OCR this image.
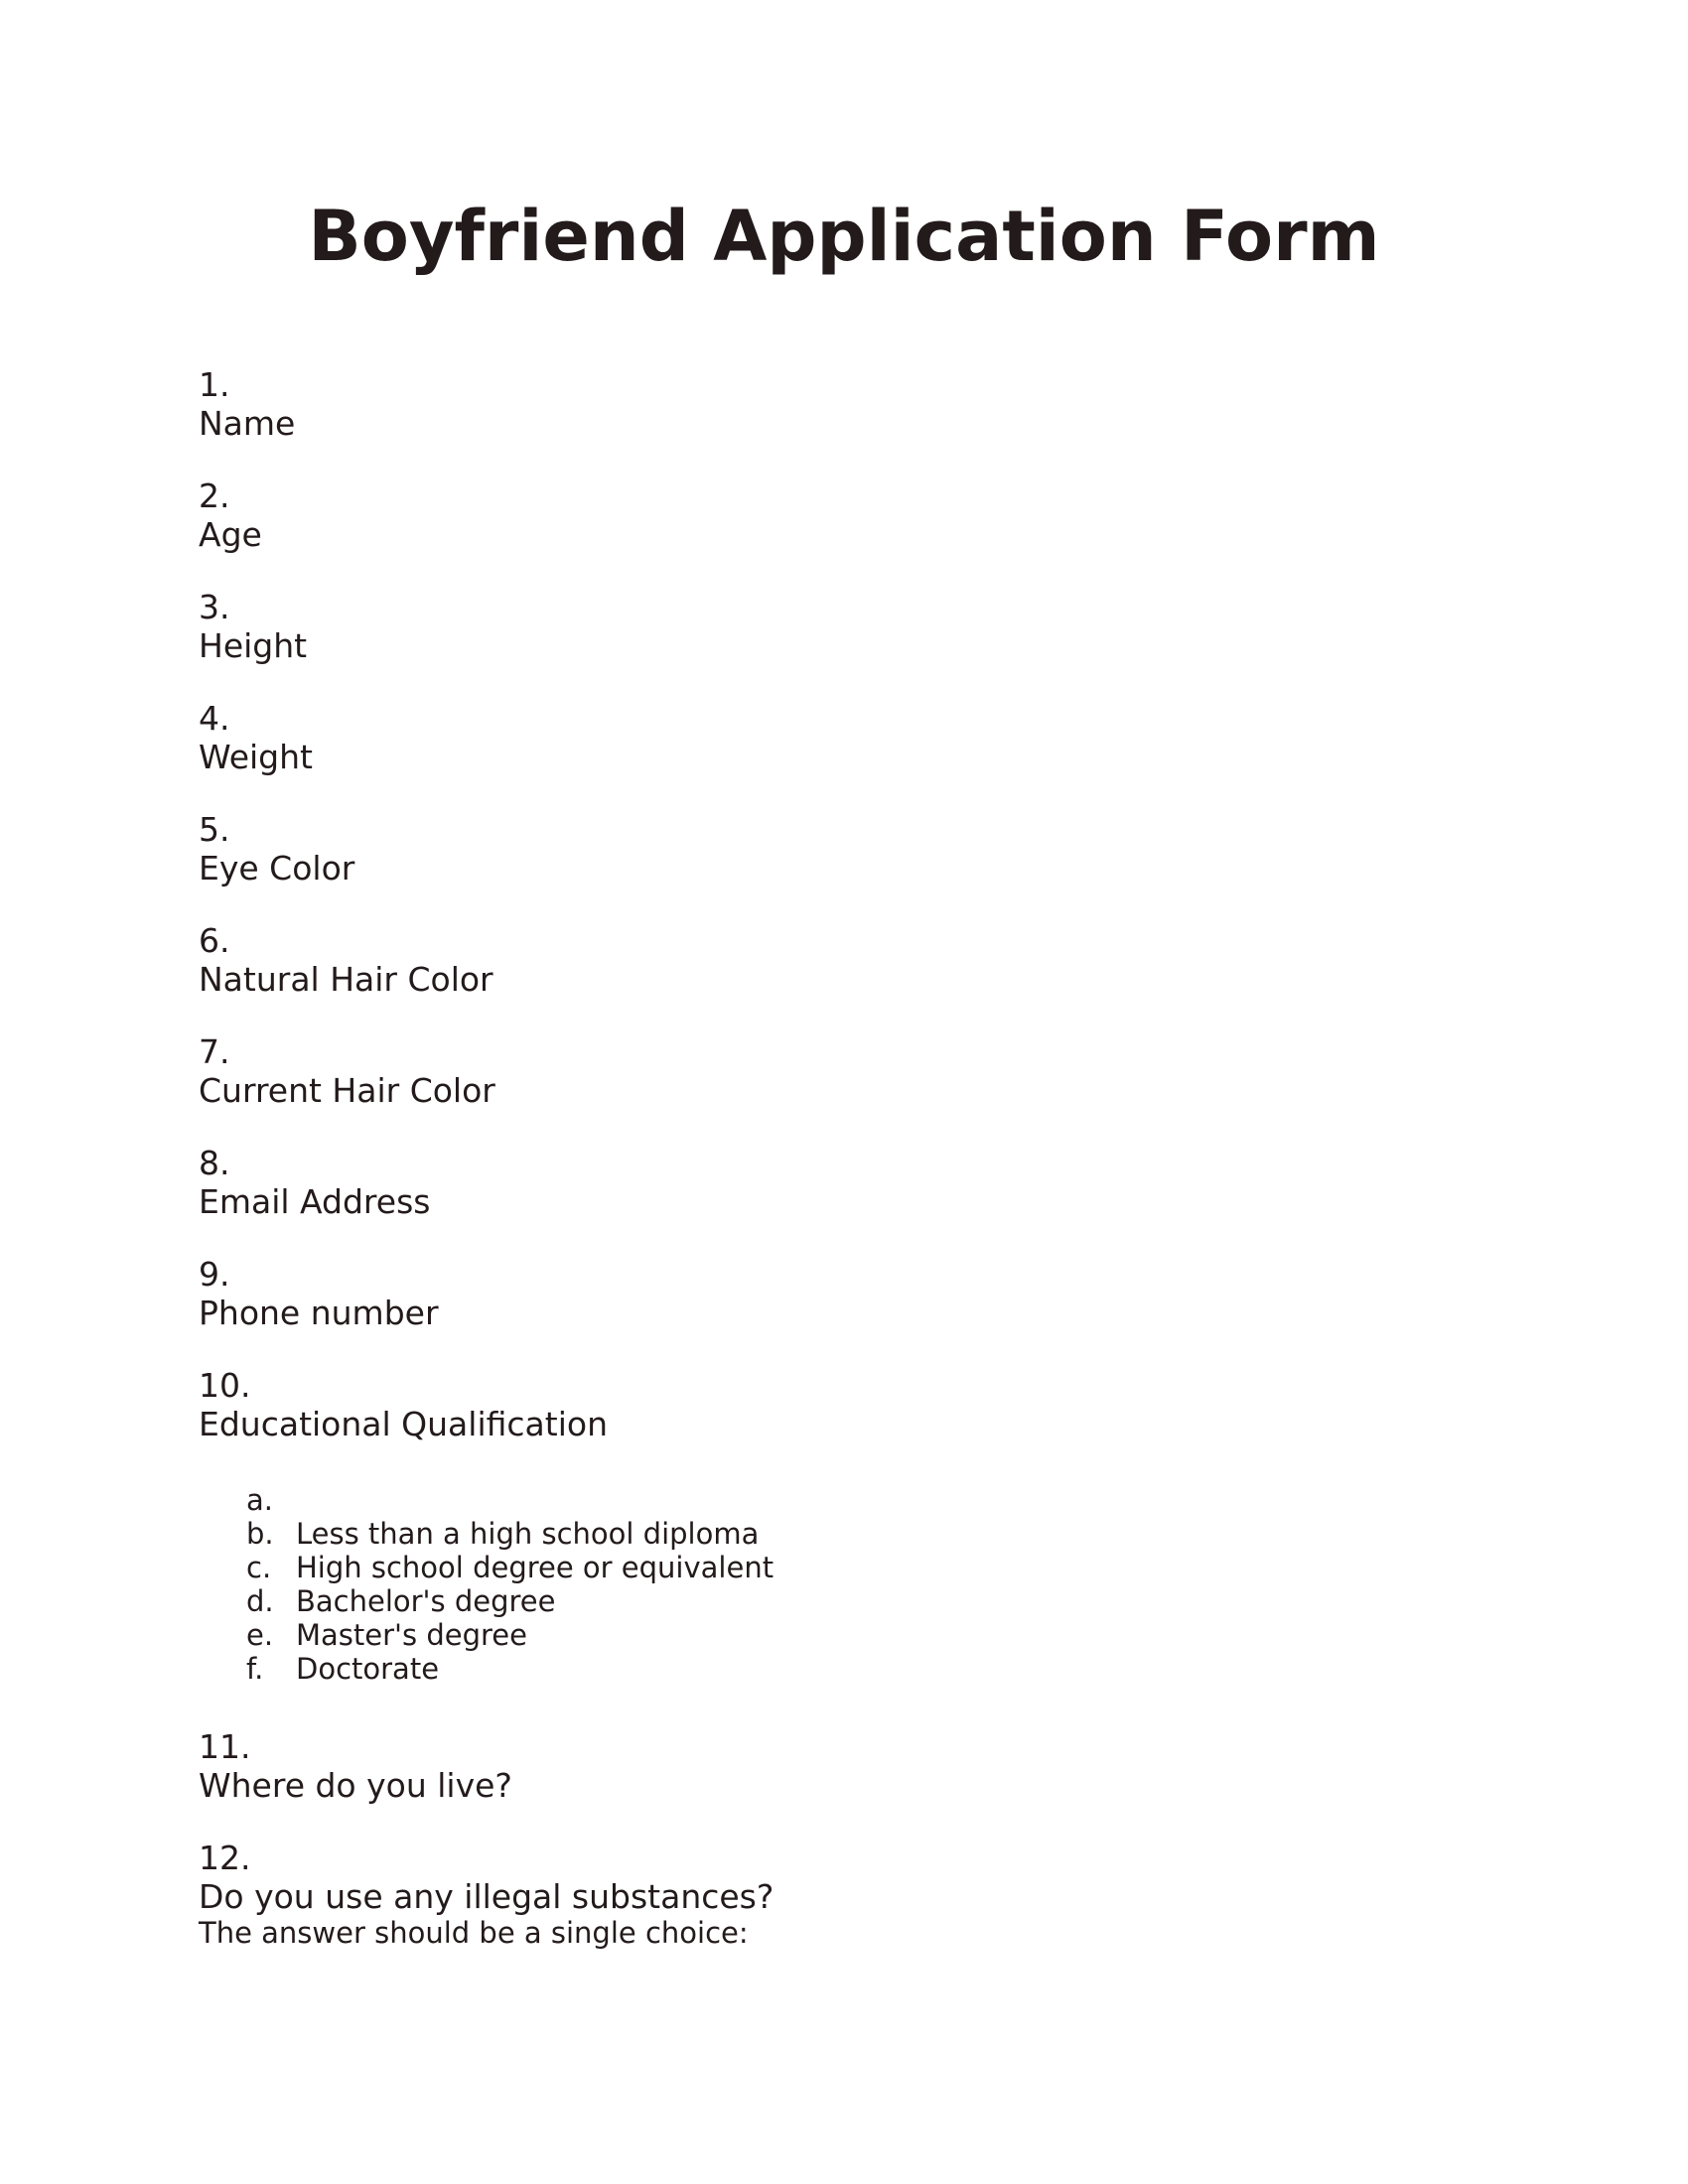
Boyfriend Application Form
1.
Name
2.
Age
3.
Height
4.
Weight
5.
Eye Color
6.
Natural Hair Color
7.
Current Hair Color
8.
Email Address
9.
Phone number
10.
Educational Qualification
a.
b. Less than a high school diploma
c. High school degree or equivalent
d. Bachelor's degree
e. Master's degree
f.	Doctorate
11.
Where do you live?
12.
Do you use any illegal substances?
The answer should be a single choice:
